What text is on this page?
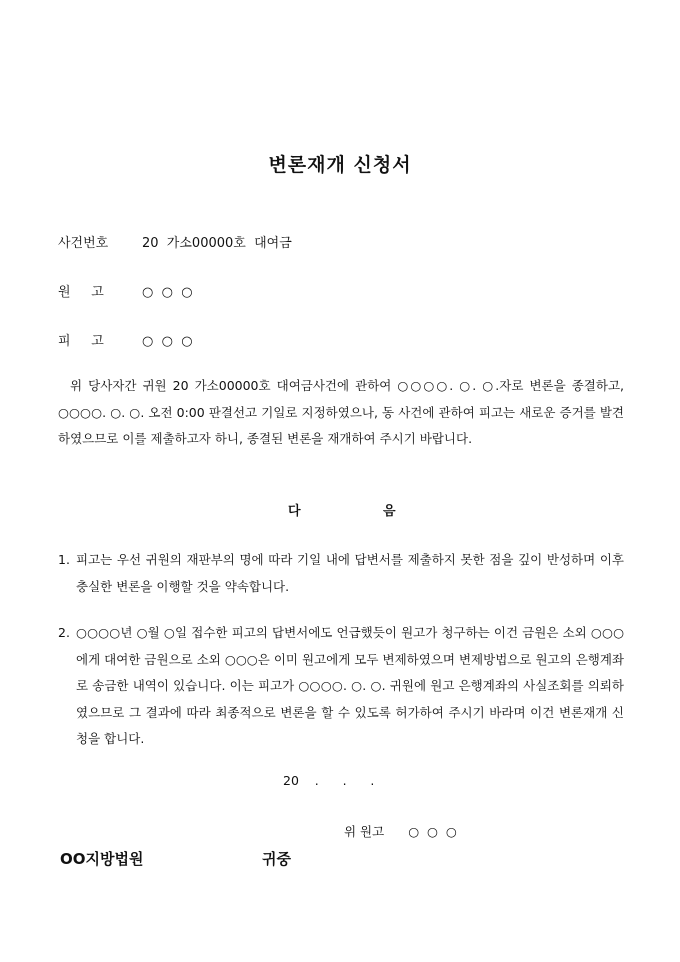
변론재개 신청서
사건번호	20  가소00000호  대여금
원     고	○  ○  ○
피     고	○  ○  ○
위 당사자간 귀원 20 가소00000호 대여금사건에 관하여 ○○○○. ○. ○.자로 변론을 종결하고, ○○○○. ○. ○. 오전 0:00 판결선고 기일로 지정하였으나, 동 사건에 관하여 피고는 새로운 증거를 발견하였으므로 이를 제출하고자 하니, 종결된 변론을 재개하여 주시기 바랍니다.
다	음
1. 피고는 우선 귀원의 재판부의 명에 따라 기일 내에 답변서를 제출하지 못한 점을 깊이 반성하며 이후 충실한 변론을 이행할 것을 약속합니다.
2. ○○○○년 ○월 ○일 접수한 피고의 답변서에도 언급했듯이 원고가 청구하는 이건 금원은 소외 ○○○에게 대여한 금원으로 소외 ○○○은 이미 원고에게 모두 변제하였으며 변제방법으로 원고의 은행계좌로 송금한 내역이 있습니다. 이는 피고가 ○○○○. ○. ○. 귀원에 원고 은행계좌의 사실조회를 의뢰하였으므로 그 결과에 따라 최종적으로 변론을 할 수 있도록 허가하여 주시기 바라며 이건 변론재개 신청을 합니다.
20    .      .      .
위 원고 ○  ○  ○
OO지방법원	귀중
